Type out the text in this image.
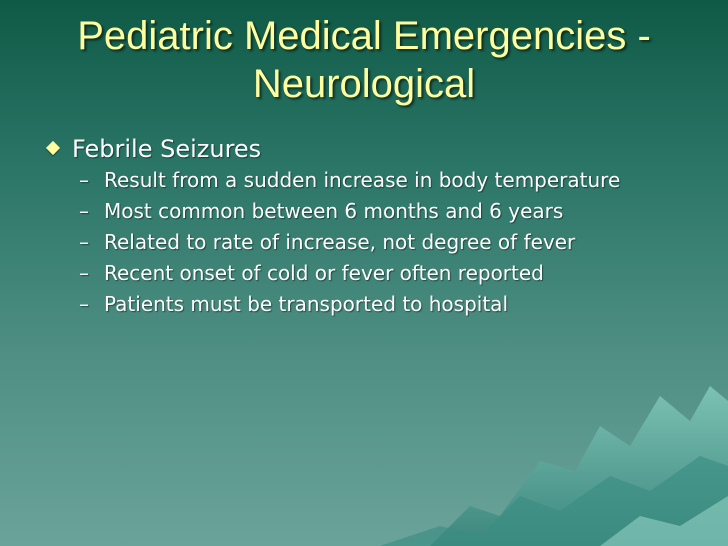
Pediatric Medical Emergencies - Neurological
Febrile Seizures
– Result from a sudden increase in body temperature
– Most common between 6 months and 6 years
– Related to rate of increase, not degree of fever
– Recent onset of cold or fever often reported
– Patients must be transported to hospital
